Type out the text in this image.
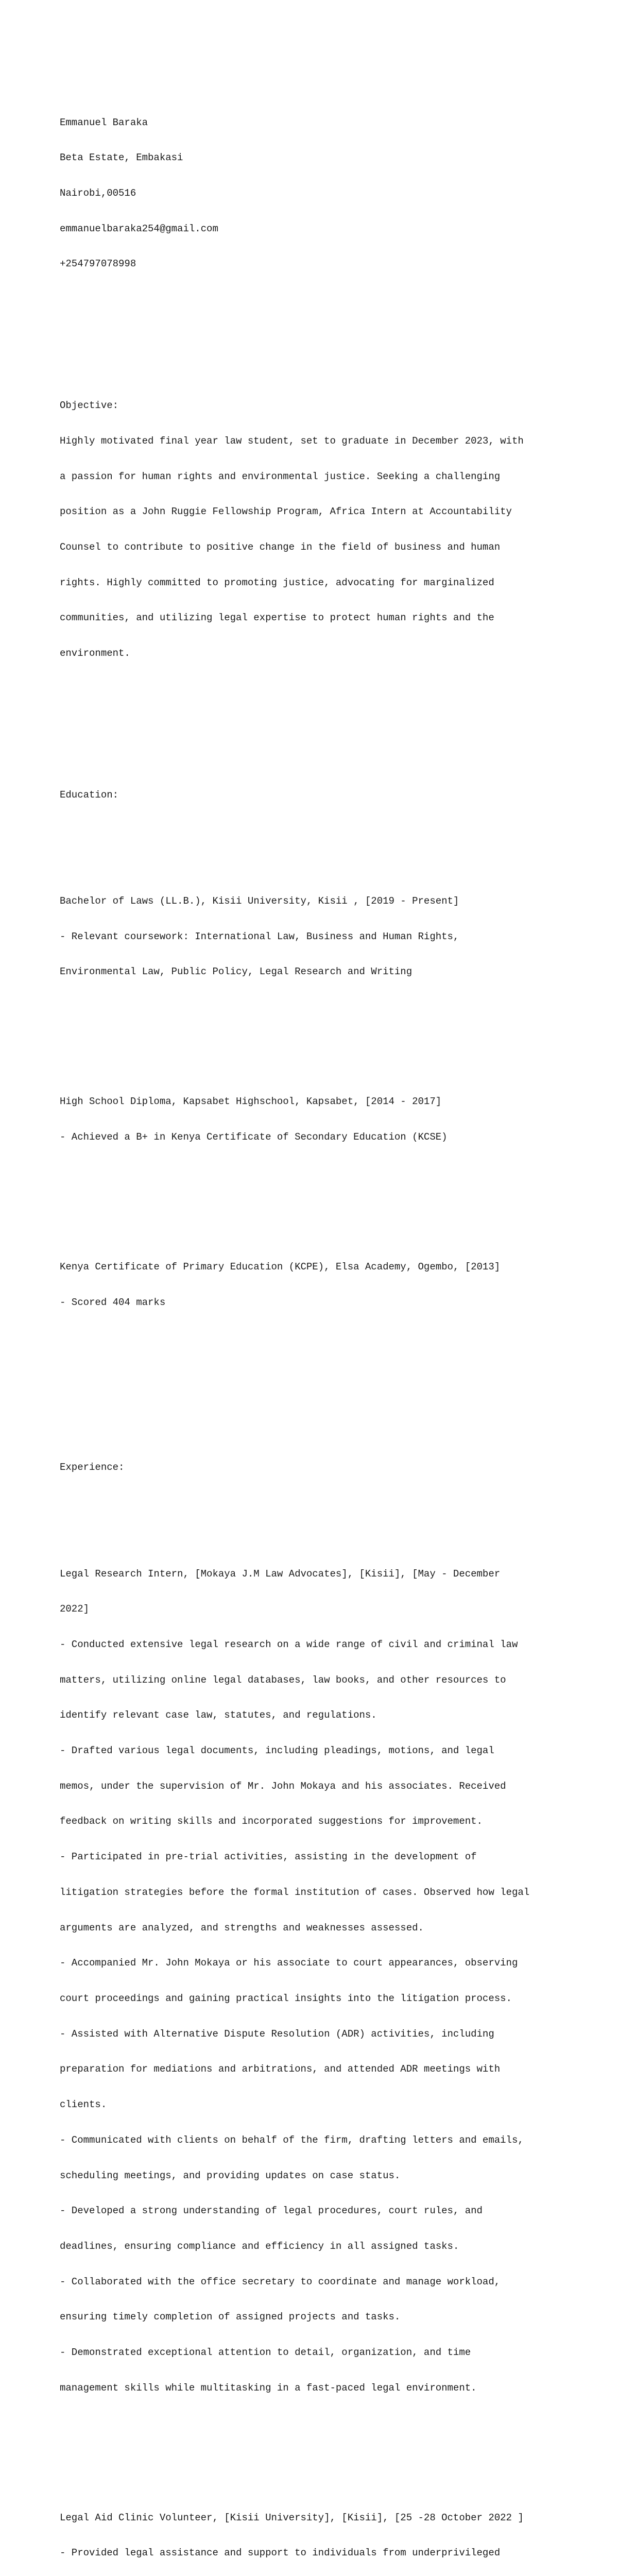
Emmanuel Baraka

Beta Estate, Embakasi

Nairobi,00516

emmanuelbaraka254@gmail.com

+254797078998

Objective:

Highly motivated final year law student, set to graduate in December 2023, with

a passion for human rights and environmental justice. Seeking a challenging

position as a John Ruggie Fellowship Program, Africa Intern at Accountability

Counsel to contribute to positive change in the field of business and human

rights. Highly committed to promoting justice, advocating for marginalized

communities, and utilizing legal expertise to protect human rights and the

environment.

Education:

Bachelor of Laws (LL.B.), Kisii University, Kisii , [2019 - Present]

- Relevant coursework: International Law, Business and Human Rights,

Environmental Law, Public Policy, Legal Research and Writing

High School Diploma, Kapsabet Highschool, Kapsabet, [2014 - 2017]

- Achieved a B+ in Kenya Certificate of Secondary Education (KCSE)

Kenya Certificate of Primary Education (KCPE), Elsa Academy, Ogembo, [2013]

- Scored 404 marks

Experience:

Legal Research Intern, [Mokaya J.M Law Advocates], [Kisii], [May - December

2022]

- Conducted extensive legal research on a wide range of civil and criminal law

matters, utilizing online legal databases, law books, and other resources to

identify relevant case law, statutes, and regulations.

- Drafted various legal documents, including pleadings, motions, and legal

memos, under the supervision of Mr. John Mokaya and his associates. Received

feedback on writing skills and incorporated suggestions for improvement.

- Participated in pre-trial activities, assisting in the development of

litigation strategies before the formal institution of cases. Observed how legal

arguments are analyzed, and strengths and weaknesses assessed.

- Accompanied Mr. John Mokaya or his associate to court appearances, observing

court proceedings and gaining practical insights into the litigation process.

- Assisted with Alternative Dispute Resolution (ADR) activities, including

preparation for mediations and arbitrations, and attended ADR meetings with

clients.

- Communicated with clients on behalf of the firm, drafting letters and emails,

scheduling meetings, and providing updates on case status.

- Developed a strong understanding of legal procedures, court rules, and

deadlines, ensuring compliance and efficiency in all assigned tasks.

- Collaborated with the office secretary to coordinate and manage workload,

ensuring timely completion of assigned projects and tasks.

- Demonstrated exceptional attention to detail, organization, and time

management skills while multitasking in a fast-paced legal environment.

Legal Aid Clinic Volunteer, [Kisii University], [Kisii], [25 -28 October 2022 ]

- Provided legal assistance and support to individuals from underprivileged
